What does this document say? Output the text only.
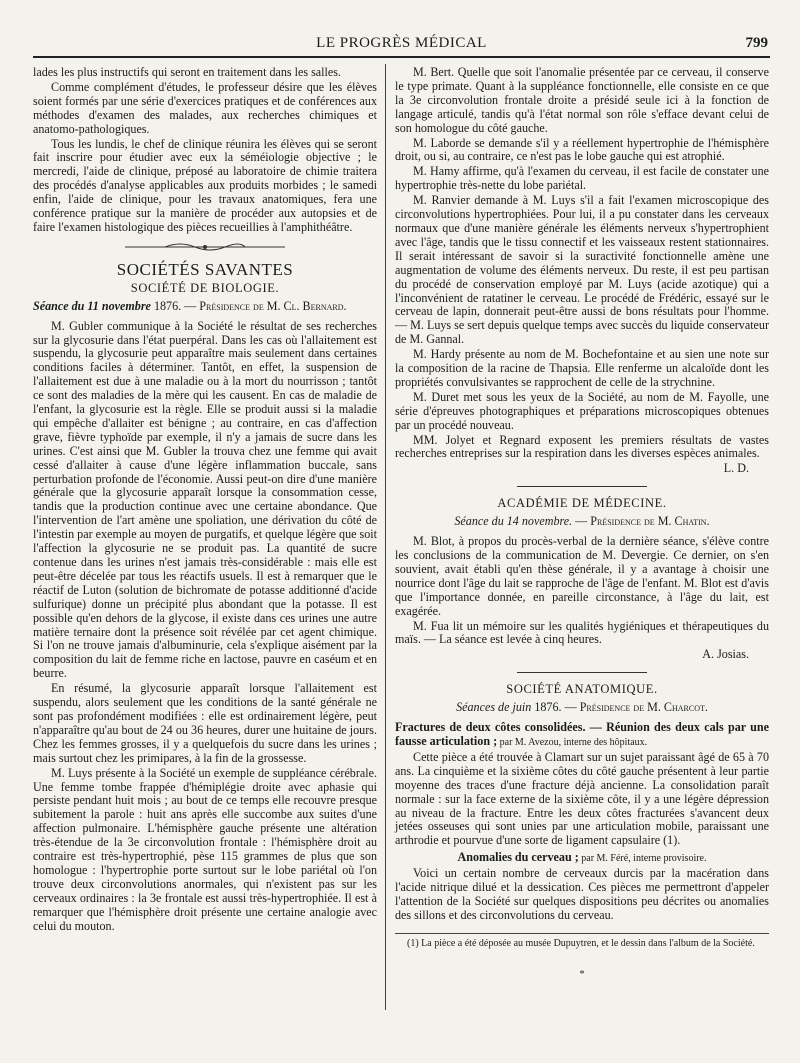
LE PROGRÈS MÉDICAL	799

lades les plus instructifs qui seront en traitement dans les salles.

Comme complément d'études, le professeur désire que les élèves soient formés par une série d'exercices pratiques et de conférences aux méthodes d'examen des malades, aux recherches chimiques et anatomo-pathologiques.

Tous les lundis, le chef de clinique réunira les élèves qui se seront fait inscrire pour étudier avec eux la séméiologie objective ; le mercredi, l'aide de clinique, préposé au laboratoire de chimie traitera des procédés d'analyse applicables aux produits morbides ; le samedi enfin, l'aide de clinique, pour les travaux anatomiques, fera une conférence pratique sur la manière de procéder aux autopsies et de faire l'examen histologique des pièces recueillies à l'amphithéâtre.

SOCIÉTÉS SAVANTES
SOCIÉTÉ DE BIOLOGIE.

Séance du 11 novembre 1876. — Présidence de M. Cl. Bernard.

M. Gubler communique à la Société le résultat de ses recherches sur la glycosurie dans l'état puerpéral. Dans les cas où l'allaitement est suspendu, la glycosurie peut apparaître mais seulement dans certaines conditions faciles à déterminer. Tantôt, en effet, la suspension de l'allaitement est due à une maladie ou à la mort du nourrisson ; tantôt ce sont des maladies de la mère qui les causent. En cas de maladie de l'enfant, la glycosurie est la règle. Elle se produit aussi si la maladie qui empêche d'allaiter est bénigne ; au contraire, en cas d'affection grave, fièvre typhoïde par exemple, il n'y a jamais de sucre dans les urines. C'est ainsi que M. Gubler la trouva chez une femme qui avait cessé d'allaiter à cause d'une légère inflammation buccale, sans perturbation profonde de l'économie. Aussi peut-on dire d'une manière générale que la glycosurie apparaît lorsque la consommation cesse, tandis que la production continue avec une certaine abondance. Que l'intervention de l'art amène une spoliation, une dérivation du côté de l'intestin par exemple au moyen de purgatifs, et quelque légère que soit l'affection la glycosurie ne se produit pas. La quantité de sucre contenue dans les urines n'est jamais très-considérable : mais elle est peut-être décelée par tous les réactifs usuels. Il est à remarquer que le réactif de Luton (solution de bichromate de potasse additionné d'acide sulfurique) donne un précipité plus abondant que la potasse. Il est possible qu'en dehors de la glycose, il existe dans ces urines une autre matière ternaire dont la présence soit révélée par cet agent chimique. Si l'on ne trouve jamais d'albuminurie, cela s'explique aisément par la composition du lait de femme riche en lactose, pauvre en caséum et en beurre.

En résumé, la glycosurie apparaît lorsque l'allaitement est suspendu, alors seulement que les conditions de la santé générale ne sont pas profondément modifiées : elle est ordinairement légère, peut n'apparaître qu'au bout de 24 ou 36 heures, durer une huitaine de jours. Chez les femmes grosses, il y a quelquefois du sucre dans les urines ; mais surtout chez les primipares, à la fin de la grossesse.

M. Luys présente à la Société un exemple de suppléance cérébrale. Une femme tombe frappée d'hémiplégie droite avec aphasie qui persiste pendant huit mois ; au bout de ce temps elle recouvre presque subitement la parole : huit ans après elle succombe aux suites d'une affection pulmonaire. L'hémisphère gauche présente une altération très-étendue de la 3e circonvolution frontale : l'hémisphère droit au contraire est très-hypertrophié, pèse 115 grammes de plus que son homologue : l'hypertrophie porte surtout sur le lobe pariétal où l'on trouve deux circonvolutions anormales, qui n'existent pas sur les cerveaux ordinaires : la 3e frontale est aussi très-hypertrophiée. Il est à remarquer que l'hémisphère droit présente une certaine analogie avec celui du mouton.

M. Bert. Quelle que soit l'anomalie présentée par ce cerveau, il conserve le type primate. Quant à la suppléance fonctionnelle, elle consiste en ce que la 3e circonvolution frontale droite a présidé seule ici à la fonction de langage articulé, tandis qu'à l'état normal son rôle s'efface devant celui de son homologue du côté gauche.

M. Laborde se demande s'il y a réellement hypertrophie de l'hémisphère droit, ou si, au contraire, ce n'est pas le lobe gauche qui est atrophié.

M. Hamy affirme, qu'à l'examen du cerveau, il est facile de constater une hypertrophie très-nette du lobe pariétal.

M. Ranvier demande à M. Luys s'il a fait l'examen microscopique des circonvolutions hypertrophiées. Pour lui, il a pu constater dans les cerveaux normaux que d'une manière générale les éléments nerveux s'hypertrophient avec l'âge, tandis que le tissu connectif et les vaisseaux restent stationnaires. Il serait intéressant de savoir si la suractivité fonctionnelle amène une augmentation de volume des éléments nerveux. Du reste, il est peu partisan du procédé de conservation employé par M. Luys (acide azotique) qui a l'inconvénient de ratatiner le cerveau. Le procédé de Frédéric, essayé sur le cerveau de lapin, donnerait peut-être aussi de bons résultats pour l'homme. — M. Luys se sert depuis quelque temps avec succès du liquide conservateur de M. Gannal.

M. Hardy présente au nom de M. Bochefontaine et au sien une note sur la composition de la racine de Thapsia. Elle renferme un alcaloïde dont les propriétés convulsivantes se rapprochent de celle de la strychnine.

M. Duret met sous les yeux de la Société, au nom de M. Fayolle, une série d'épreuves photographiques et préparations microscopiques obtenues par un procédé nouveau.

MM. Jolyet et Regnard exposent les premiers résultats de vastes recherches entreprises sur la respiration dans les diverses espèces animales.

L. D.

ACADÉMIE DE MÉDECINE.

Séance du 14 novembre. — Présidence de M. Chatin.

M. Blot, à propos du procès-verbal de la dernière séance, s'élève contre les conclusions de la communication de M. Devergie. Ce dernier, on s'en souvient, avait établi qu'en thèse générale, il y a avantage à choisir une nourrice dont l'âge du lait se rapproche de l'âge de l'enfant. M. Blot est d'avis que l'importance donnée, en pareille circonstance, à l'âge du lait, est exagérée.

M. Fua lit un mémoire sur les qualités hygiéniques et thérapeutiques du maïs. — La séance est levée à cinq heures.

A. Josias.

SOCIÉTÉ ANATOMIQUE.

Séances de juin 1876. — Présidence de M. Charcot.

Fractures de deux côtes consolidées. — Réunion des deux cals par une fausse articulation ; par M. Avezou, interne des hôpitaux.

Cette pièce a été trouvée à Clamart sur un sujet paraissant âgé de 65 à 70 ans. La cinquième et la sixième côtes du côté gauche présentent à leur partie moyenne des traces d'une fracture déjà ancienne. La consolidation paraît normale : sur la face externe de la sixième côte, il y a une légère dépression au niveau de la fracture. Entre les deux côtes fracturées s'avancent deux jetées osseuses qui sont unies par une articulation mobile, paraissant une arthrodie et pourvue d'une sorte de ligament capsulaire (1).

Anomalies du cerveau ; par M. Féré, interne provisoire.

Voici un certain nombre de cerveaux durcis par la macération dans l'acide nitrique dilué et la dessication. Ces pièces me permettront d'appeler l'attention de la Société sur quelques dispositions peu décrites ou anomalies des sillons et des circonvolutions du cerveau.

(1) La pièce a été déposée au musée Dupuytren, et le dessin dans l'album de la Société.

*
